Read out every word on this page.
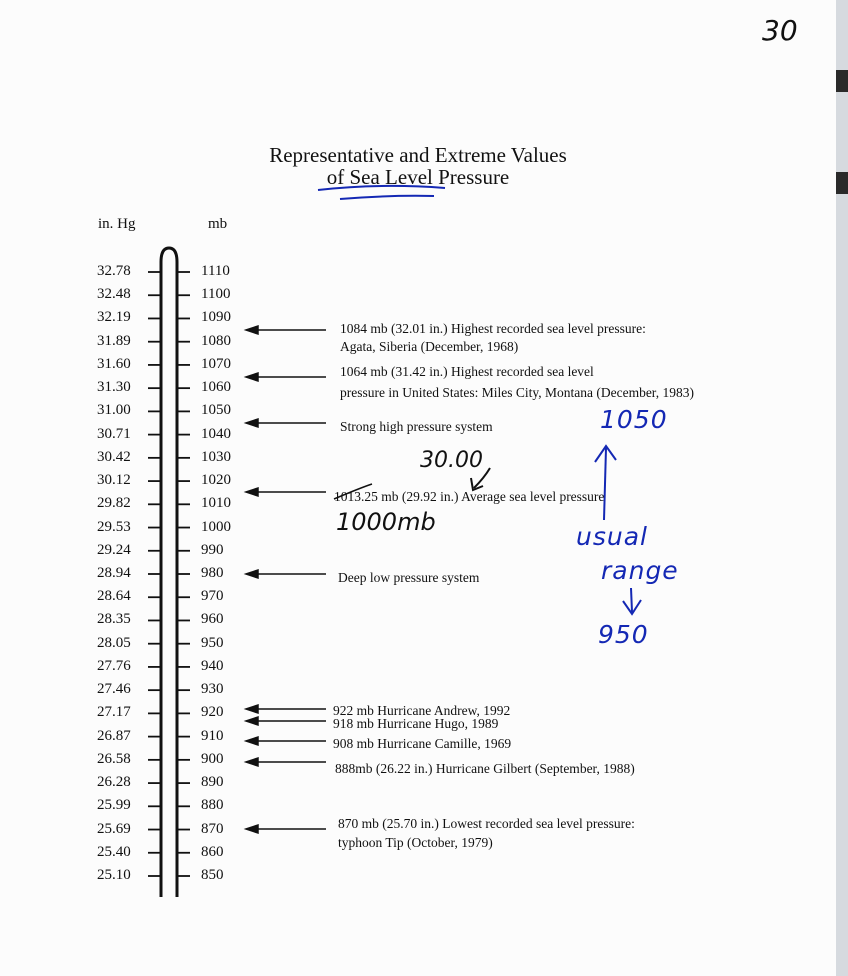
30
Representative and Extreme Values
of Sea Level Pressure
in. Hg	mb
32.78	1110
32.48	1100
32.19	1090
31.89	1080
31.60	1070
31.30	1060
31.00	1050
30.71	1040
30.42	1030
30.12	1020
29.82	1010
29.53	1000
29.24	990
28.94	980
28.64	970
28.35	960
28.05	950
27.76	940
27.46	930
27.17	920
26.87	910
26.58	900
26.28	890
25.99	880
25.69	870
25.40	860
25.10	850
1084 mb (32.01 in.) Highest recorded sea level pressure:
Agata, Siberia (December, 1968)
1064 mb (31.42 in.) Highest recorded sea level
pressure in United States: Miles City, Montana (December, 1983)
Strong high pressure system
1013.25 mb (29.92 in.) Average sea level pressure
Deep low pressure system
922 mb Hurricane Andrew, 1992
918 mb Hurricane Hugo, 1989
908 mb Hurricane Camille, 1969
888mb (26.22 in.) Hurricane Gilbert (September, 1988)
870 mb (25.70 in.) Lowest recorded sea level pressure:
typhoon Tip (October, 1979)
30.00
1000mb
1050
usual
range
950
